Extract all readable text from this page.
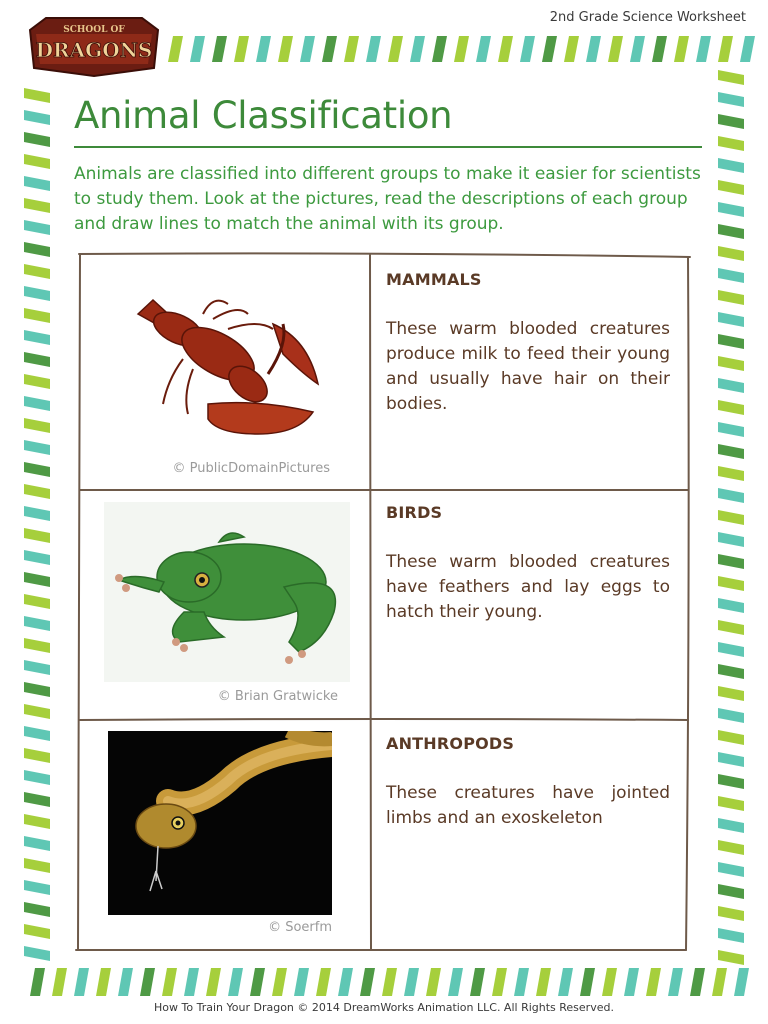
SCHOOL OF
DRAGONS
2nd Grade Science Worksheet
Animal Classification
Animals are classified into different groups to make it easier for scientists to study them. Look at the pictures, read the descriptions of each group and draw lines to match the animal with its group.
© PublicDomainPictures
MAMMALS
These warm blooded creatures produce milk to feed their young and usually have hair on their bodies.
© Brian Gratwicke
BIRDS
These warm blooded creatures have feathers and lay eggs to hatch their young.
© Soerfm
ANTHROPODS
These creatures have jointed limbs and an exoskeleton
How To Train Your Dragon © 2014 DreamWorks Animation LLC. All Rights Reserved.
